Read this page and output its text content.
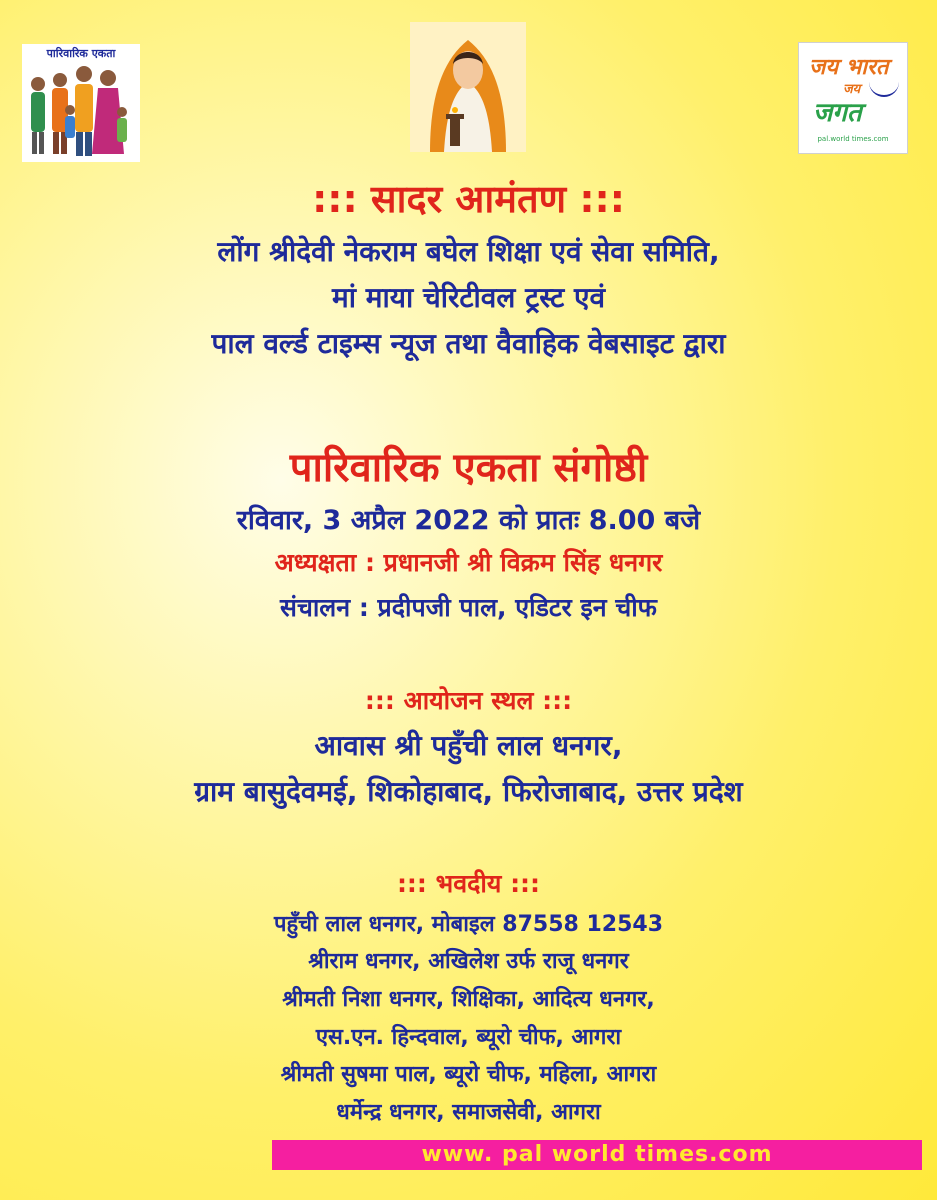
पारिवारिक एकता
जय भारत
जय
जगत
pal.world times.com
::: सादर आमंतण :::
लोंग श्रीदेवी नेकराम बघेल शिक्षा एवं सेवा समिति,
मां माया चेरिटीवल ट्रस्ट एवं
पाल वर्ल्ड टाइम्स न्यूज तथा वैवाहिक वेबसाइट द्वारा
पारिवारिक एकता संगोष्ठी
रविवार, 3 अप्रैल 2022 को प्रातः 8.00 बजे
अध्यक्षता : प्रधानजी श्री विक्रम सिंह धनगर
संचालन : प्रदीपजी पाल, एडिटर इन चीफ
::: आयोजन स्थल :::
आवास श्री पहुँची लाल धनगर,
ग्राम बासुदेवमई, शिकोहाबाद, फिरोजाबाद, उत्तर प्रदेश
::: भवदीय :::
पहुँची लाल धनगर, मोबाइल 87558 12543
श्रीराम धनगर, अखिलेश उर्फ राजू धनगर
श्रीमती निशा धनगर, शिक्षिका, आदित्य धनगर,
एस.एन. हिन्दवाल, ब्यूरो चीफ, आगरा
श्रीमती सुषमा पाल, ब्यूरो चीफ, महिला, आगरा
धर्मेन्द्र धनगर, समाजसेवी, आगरा
www. pal world times.com
